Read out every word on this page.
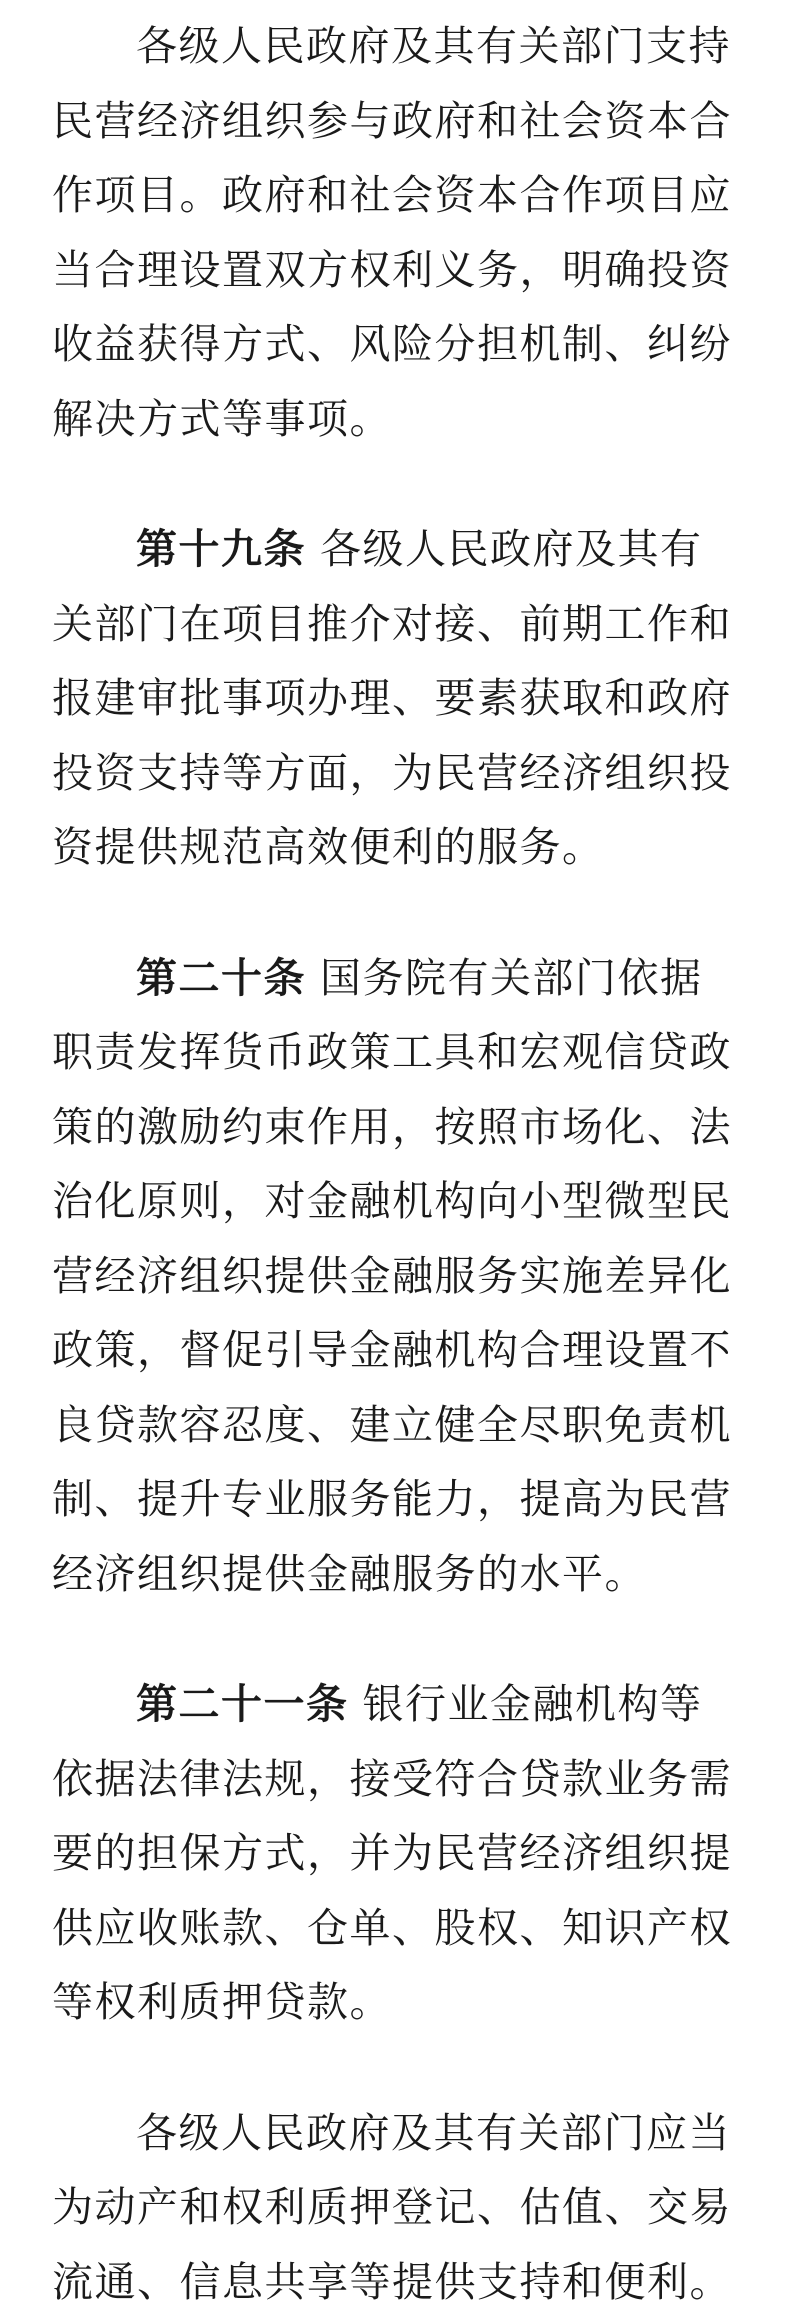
各级人民政府及其有关部门支持
民营经济组织参与政府和社会资本合
作项目。政府和社会资本合作项目应
当合理设置双方权利义务，明确投资
收益获得方式、风险分担机制、纠纷
解决方式等事项。
第十九条 各级人民政府及其有
关部门在项目推介对接、前期工作和
报建审批事项办理、要素获取和政府
投资支持等方面，为民营经济组织投
资提供规范高效便利的服务。
第二十条 国务院有关部门依据
职责发挥货币政策工具和宏观信贷政
策的激励约束作用，按照市场化、法
治化原则，对金融机构向小型微型民
营经济组织提供金融服务实施差异化
政策，督促引导金融机构合理设置不
良贷款容忍度、建立健全尽职免责机
制、提升专业服务能力，提高为民营
经济组织提供金融服务的水平。
第二十一条 银行业金融机构等
依据法律法规，接受符合贷款业务需
要的担保方式，并为民营经济组织提
供应收账款、仓单、股权、知识产权
等权利质押贷款。
各级人民政府及其有关部门应当
为动产和权利质押登记、估值、交易
流通、信息共享等提供支持和便利。
